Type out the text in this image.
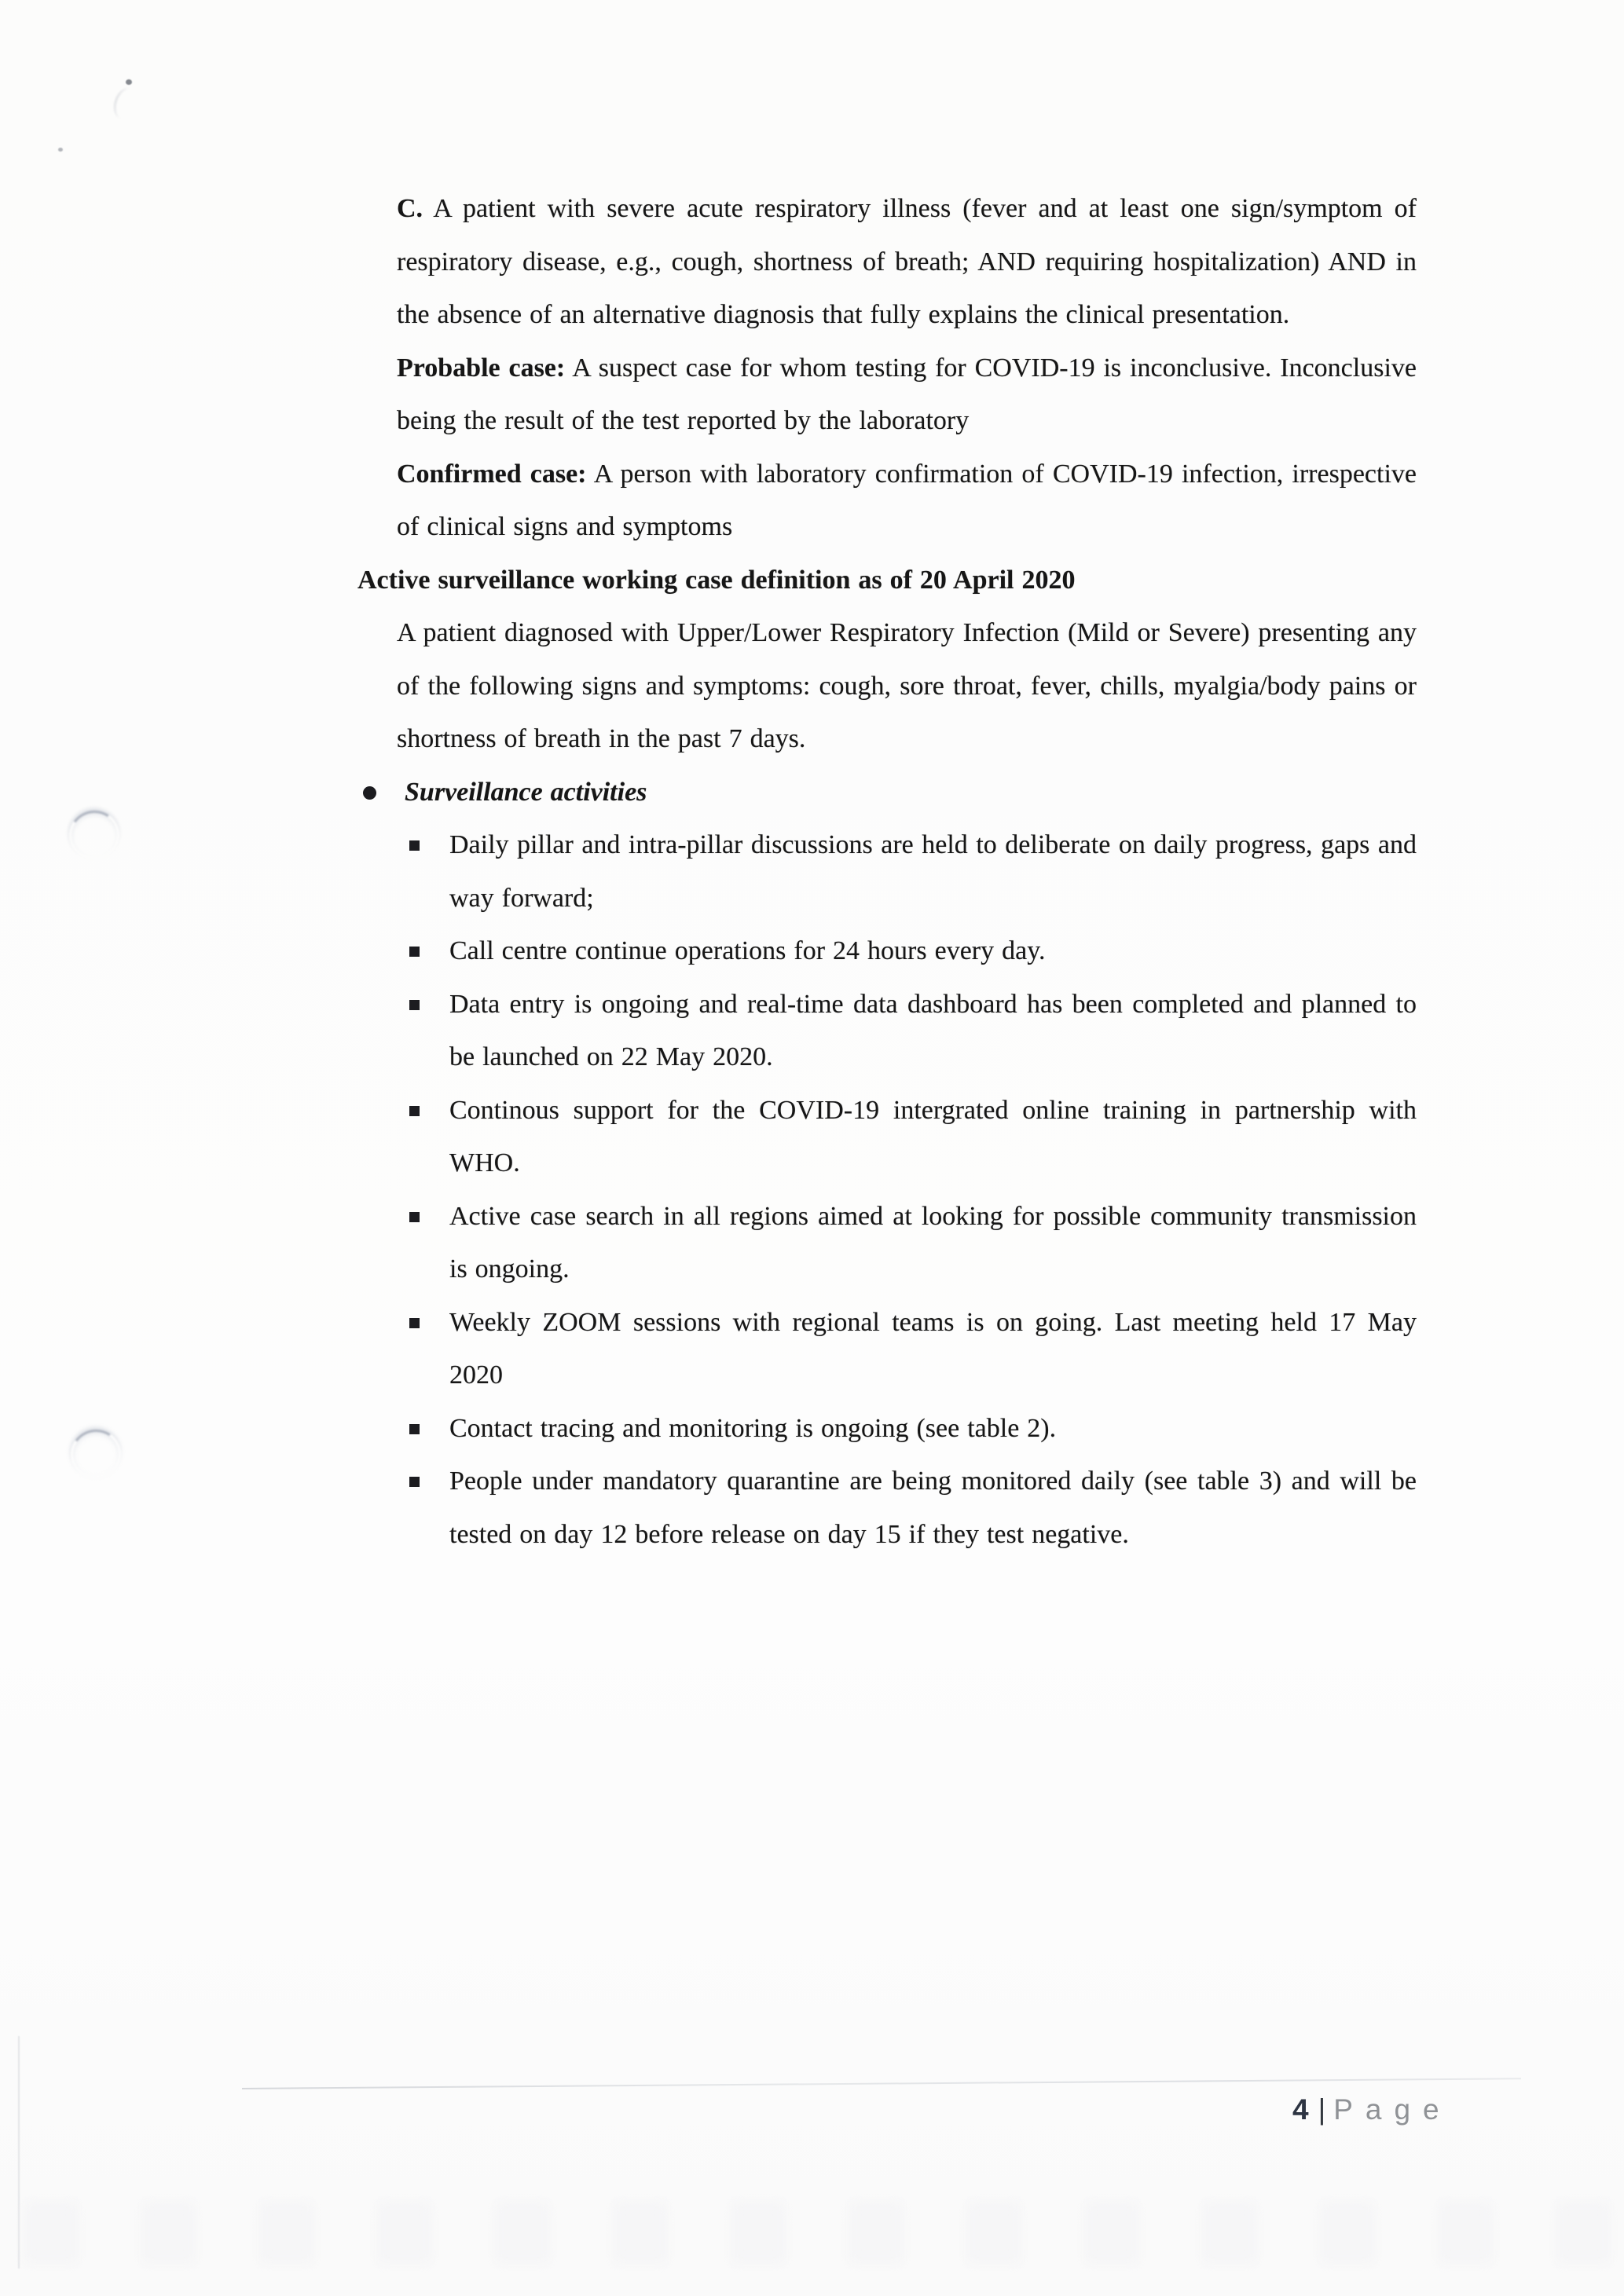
C. A patient with severe acute respiratory illness (fever and at least one sign/symptom of respiratory disease, e.g., cough, shortness of breath; AND requiring hospitalization) AND in the absence of an alternative diagnosis that fully explains the clinical presentation.

Probable case: A suspect case for whom testing for COVID-19 is inconclusive. Inconclusive being the result of the test reported by the laboratory

Confirmed case: A person with laboratory confirmation of COVID-19 infection, irrespective of clinical signs and symptoms

Active surveillance working case definition as of 20 April 2020

A patient diagnosed with Upper/Lower Respiratory Infection (Mild or Severe) presenting any of the following signs and symptoms: cough, sore throat, fever, chills, myalgia/body pains or shortness of breath in the past 7 days.

Surveillance activities
Daily pillar and intra-pillar discussions are held to deliberate on daily progress, gaps and way forward;
Call centre continue operations for 24 hours every day.
Data entry is ongoing and real-time data dashboard has been completed and planned to be launched on 22 May 2020.
Continous support for the COVID-19 intergrated online training in partnership with WHO.
Active case search in all regions aimed at looking for possible community transmission is ongoing.
Weekly ZOOM sessions with regional teams is on going. Last meeting held 17 May 2020
Contact tracing and monitoring is ongoing (see table 2).
People under mandatory quarantine are being monitored daily (see table 3) and will be tested on day 12 before release on day 15 if they test negative.
4 | Page
